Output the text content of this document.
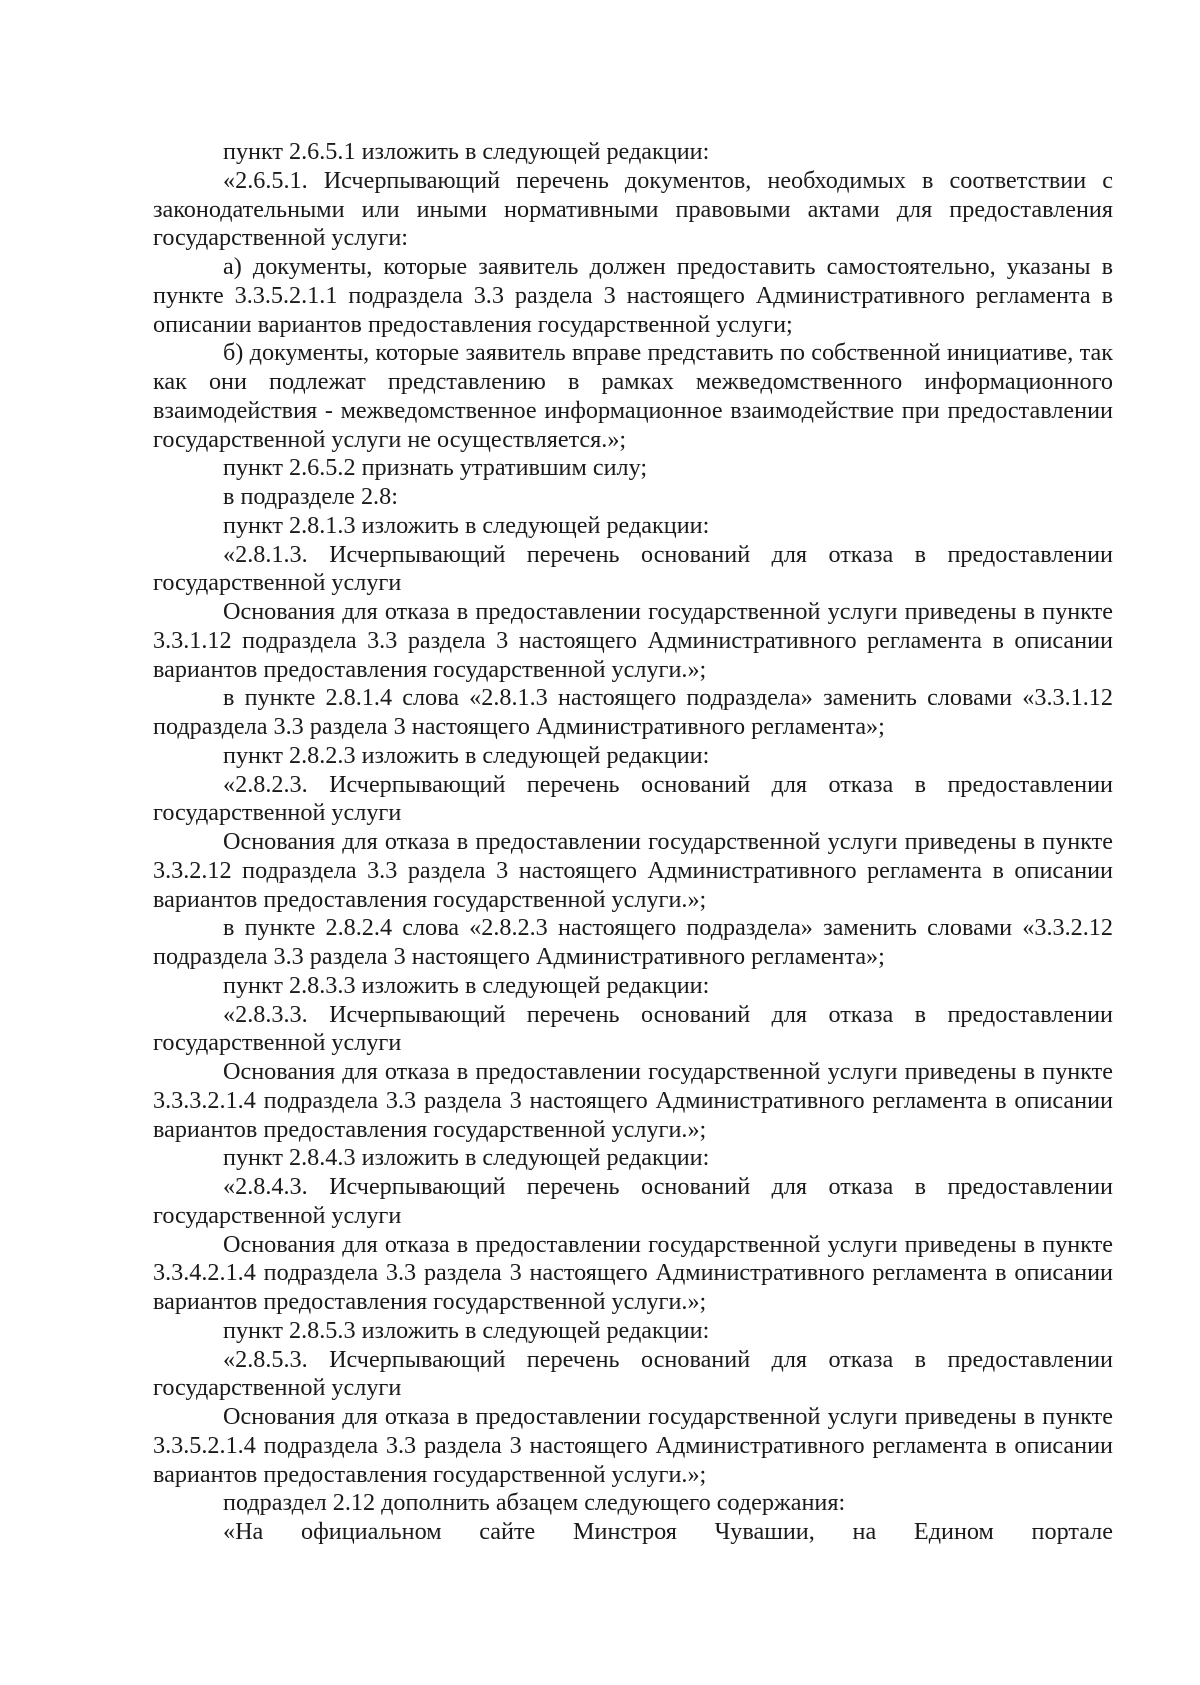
пункт 2.6.5.1 изложить в следующей редакции:

«2.6.5.1. Исчерпывающий перечень документов, необходимых в соответствии с законодательными или иными нормативными правовыми актами для предоставления государственной услуги:

а) документы, которые заявитель должен предоставить самостоятельно, указаны в пункте 3.3.5.2.1.1 подраздела 3.3 раздела 3 настоящего Административного регламента в описании вариантов предоставления государственной услуги;

б) документы, которые заявитель вправе представить по собственной инициативе, так как они подлежат представлению в рамках межведомственного информационного взаимодействия - межведомственное информационное взаимодействие при предоставлении государственной услуги не осуществляется.»;

пункт 2.6.5.2 признать утратившим силу;

в подразделе 2.8:

пункт 2.8.1.3 изложить в следующей редакции:

«2.8.1.3. Исчерпывающий перечень оснований для отказа в предоставлении государственной услуги

Основания для отказа в предоставлении государственной услуги приведены в пункте 3.3.1.12 подраздела 3.3 раздела 3 настоящего Административного регламента в описании вариантов предоставления государственной услуги.»;

в пункте 2.8.1.4 слова «2.8.1.3 настоящего подраздела» заменить словами «3.3.1.12 подраздела 3.3 раздела 3 настоящего Административного регламента»;

пункт 2.8.2.3 изложить в следующей редакции:

«2.8.2.3. Исчерпывающий перечень оснований для отказа в предоставлении государственной услуги

Основания для отказа в предоставлении государственной услуги приведены в пункте 3.3.2.12 подраздела 3.3 раздела 3 настоящего Административного регламента в описании вариантов предоставления государственной услуги.»;

в пункте 2.8.2.4 слова «2.8.2.3 настоящего подраздела» заменить словами «3.3.2.12 подраздела 3.3 раздела 3 настоящего Административного регламента»;

пункт 2.8.3.3 изложить в следующей редакции:

«2.8.3.3. Исчерпывающий перечень оснований для отказа в предоставлении государственной услуги

Основания для отказа в предоставлении государственной услуги приведены в пункте 3.3.3.2.1.4 подраздела 3.3 раздела 3 настоящего Административного регламента в описании вариантов предоставления государственной услуги.»;

пункт 2.8.4.3 изложить в следующей редакции:

«2.8.4.3. Исчерпывающий перечень оснований для отказа в предоставлении государственной услуги

Основания для отказа в предоставлении государственной услуги приведены в пункте 3.3.4.2.1.4 подраздела 3.3 раздела 3 настоящего Административного регламента в описании вариантов предоставления государственной услуги.»;

пункт 2.8.5.3 изложить в следующей редакции:

«2.8.5.3. Исчерпывающий перечень оснований для отказа в предоставлении государственной услуги

Основания для отказа в предоставлении государственной услуги приведены в пункте 3.3.5.2.1.4 подраздела 3.3 раздела 3 настоящего Административного регламента в описании вариантов предоставления государственной услуги.»;

подраздел 2.12 дополнить абзацем следующего содержания:

«На официальном сайте Минстроя Чувашии, на Едином портале
